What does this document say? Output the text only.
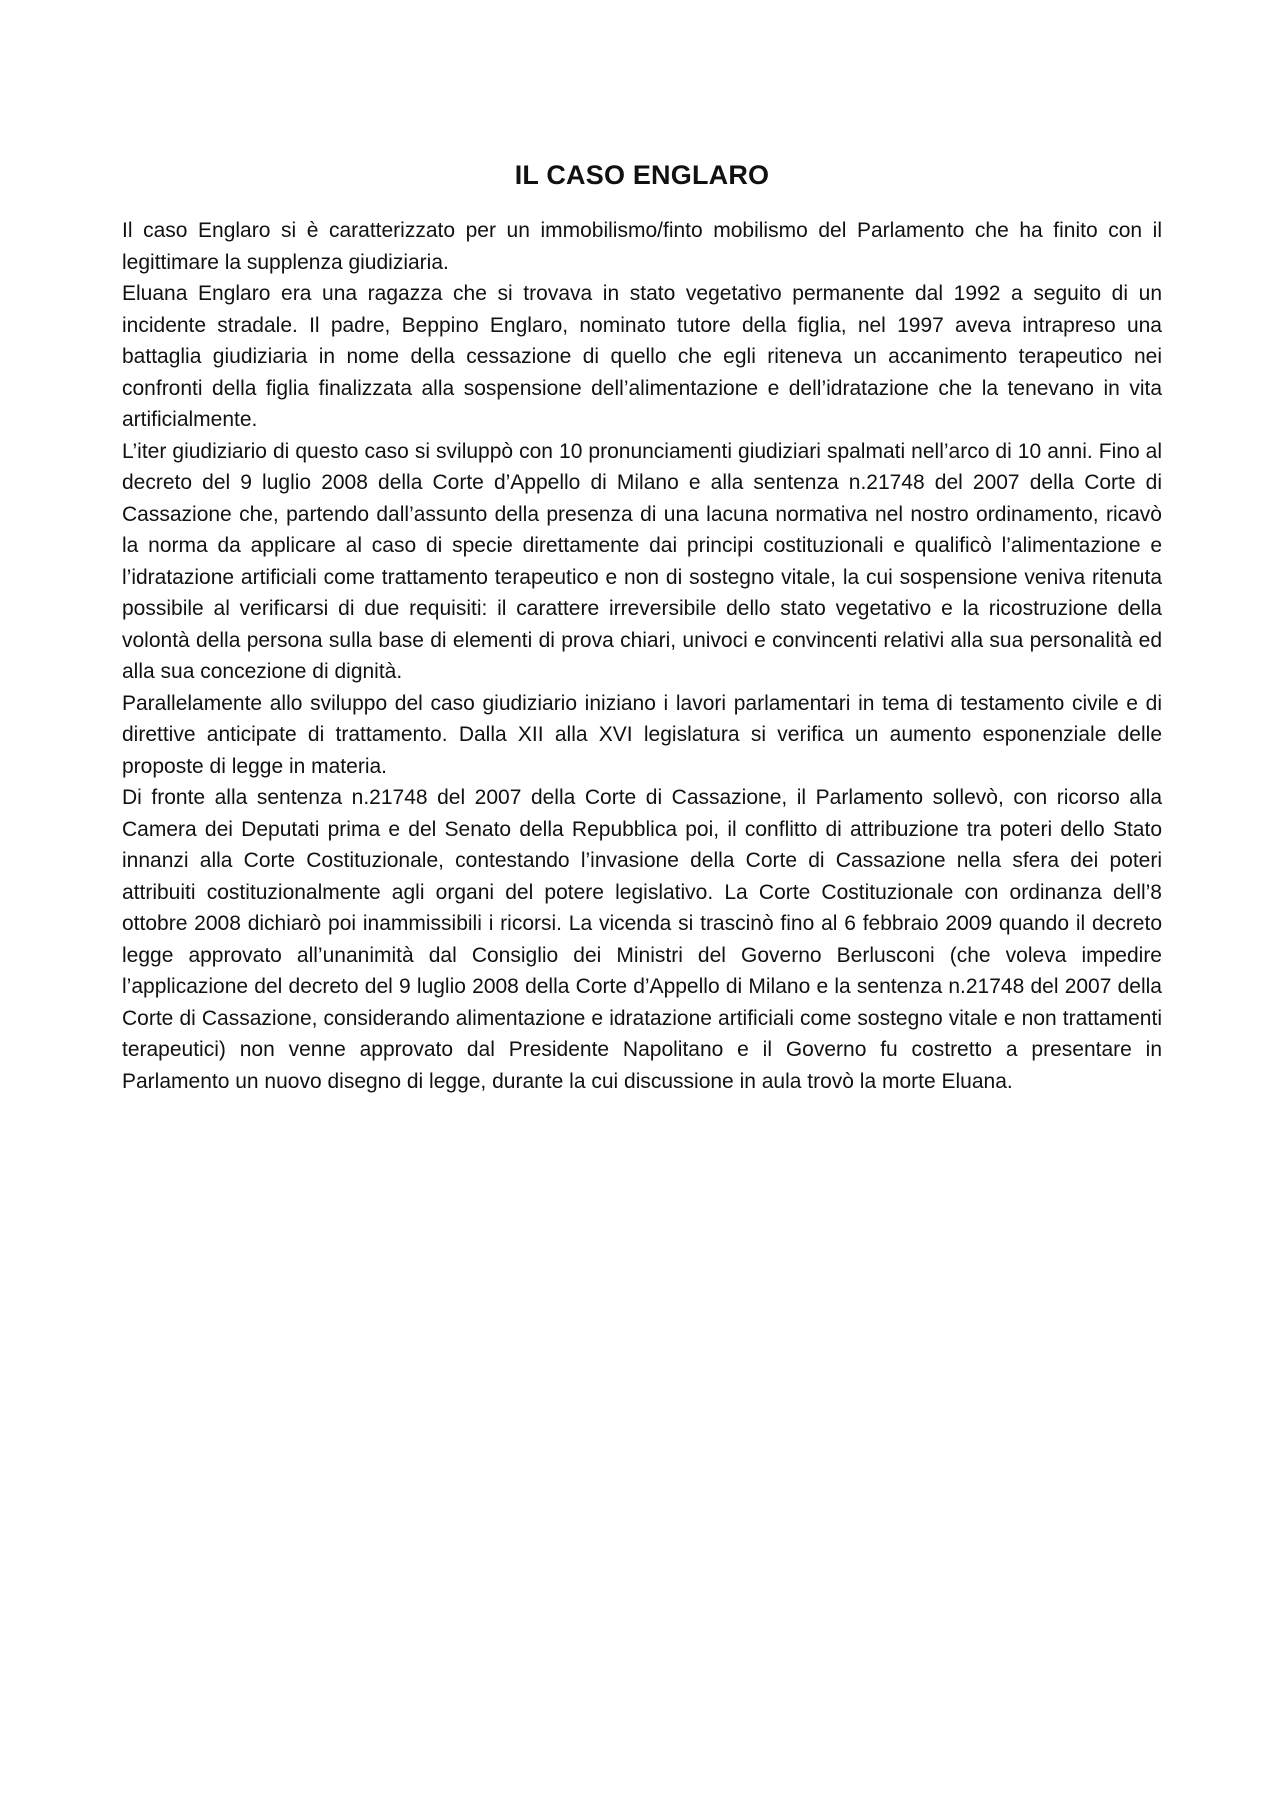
IL CASO ENGLARO

Il caso Englaro si è caratterizzato per un immobilismo/finto mobilismo del Parlamento che ha finito con il legittimare la supplenza giudiziaria.

Eluana Englaro era una ragazza che si trovava in stato vegetativo permanente dal 1992 a seguito di un incidente stradale. Il padre, Beppino Englaro, nominato tutore della figlia, nel 1997 aveva intrapreso una battaglia giudiziaria in nome della cessazione di quello che egli riteneva un accanimento terapeutico nei confronti della figlia finalizzata alla sospensione dell’alimentazione e dell’idratazione che la tenevano in vita artificialmente.

L’iter giudiziario di questo caso si sviluppò con 10 pronunciamenti giudiziari spalmati nell’arco di 10 anni. Fino al decreto del 9 luglio 2008 della Corte d’Appello di Milano e alla sentenza n.21748 del 2007 della Corte di Cassazione che, partendo dall’assunto della presenza di una lacuna normativa nel nostro ordinamento, ricavò la norma da applicare al caso di specie direttamente dai principi costituzionali e qualificò l’alimentazione e l’idratazione artificiali come trattamento terapeutico e non di sostegno vitale, la cui sospensione veniva ritenuta possibile al verificarsi di due requisiti: il carattere irreversibile dello stato vegetativo e la ricostruzione della volontà della persona sulla base di elementi di prova chiari, univoci e convincenti relativi alla sua personalità ed alla sua concezione di dignità.

Parallelamente allo sviluppo del caso giudiziario iniziano i lavori parlamentari in tema di testamento civile e di direttive anticipate di trattamento. Dalla XII alla XVI legislatura si verifica un aumento esponenziale delle proposte di legge in materia.

Di fronte alla sentenza n.21748 del 2007 della Corte di Cassazione, il Parlamento sollevò, con ricorso alla Camera dei Deputati prima e del Senato della Repubblica poi, il conflitto di attribuzione tra poteri dello Stato innanzi alla Corte Costituzionale, contestando l’invasione della Corte di Cassazione nella sfera dei poteri attribuiti costituzionalmente agli organi del potere legislativo. La Corte Costituzionale con ordinanza dell’8 ottobre 2008 dichiarò poi inammissibili i ricorsi. La vicenda si trascinò fino al 6 febbraio 2009 quando il decreto legge approvato all’unanimità dal Consiglio dei Ministri del Governo Berlusconi (che voleva impedire l’applicazione del decreto del 9 luglio 2008 della Corte d’Appello di Milano e la sentenza n.21748 del 2007 della Corte di Cassazione, considerando alimentazione e idratazione artificiali come sostegno vitale e non trattamenti terapeutici) non venne approvato dal Presidente Napolitano e il Governo fu costretto a presentare in Parlamento un nuovo disegno di legge, durante la cui discussione in aula trovò la morte Eluana.
